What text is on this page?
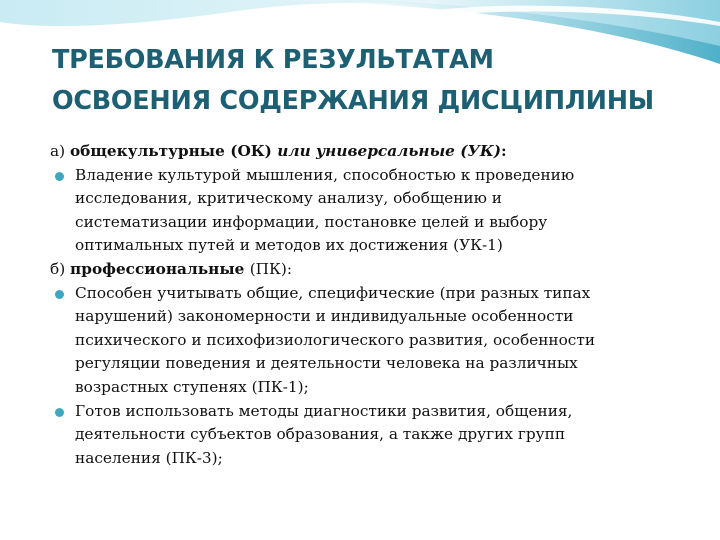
ТРЕБОВАНИЯ К РЕЗУЛЬТАТАМ
ОСВОЕНИЯ СОДЕРЖАНИЯ ДИСЦИПЛИНЫ
а) общекультурные (ОК) или универсальные (УК):
Владение культурой мышления, способностью к проведению
исследования, критическому анализу, обобщению и
систематизации информации, постановке целей и выбору
оптимальных путей и методов их достижения (УК-1)
б) профессиональные (ПК):
Способен учитывать общие, специфические (при разных типах
нарушений) закономерности и индивидуальные особенности
психического и психофизиологического развития, особенности
регуляции поведения и деятельности человека на различных
возрастных ступенях (ПК-1);
Готов использовать методы диагностики развития, общения,
деятельности субъектов образования, а также других групп
населения (ПК-3);
